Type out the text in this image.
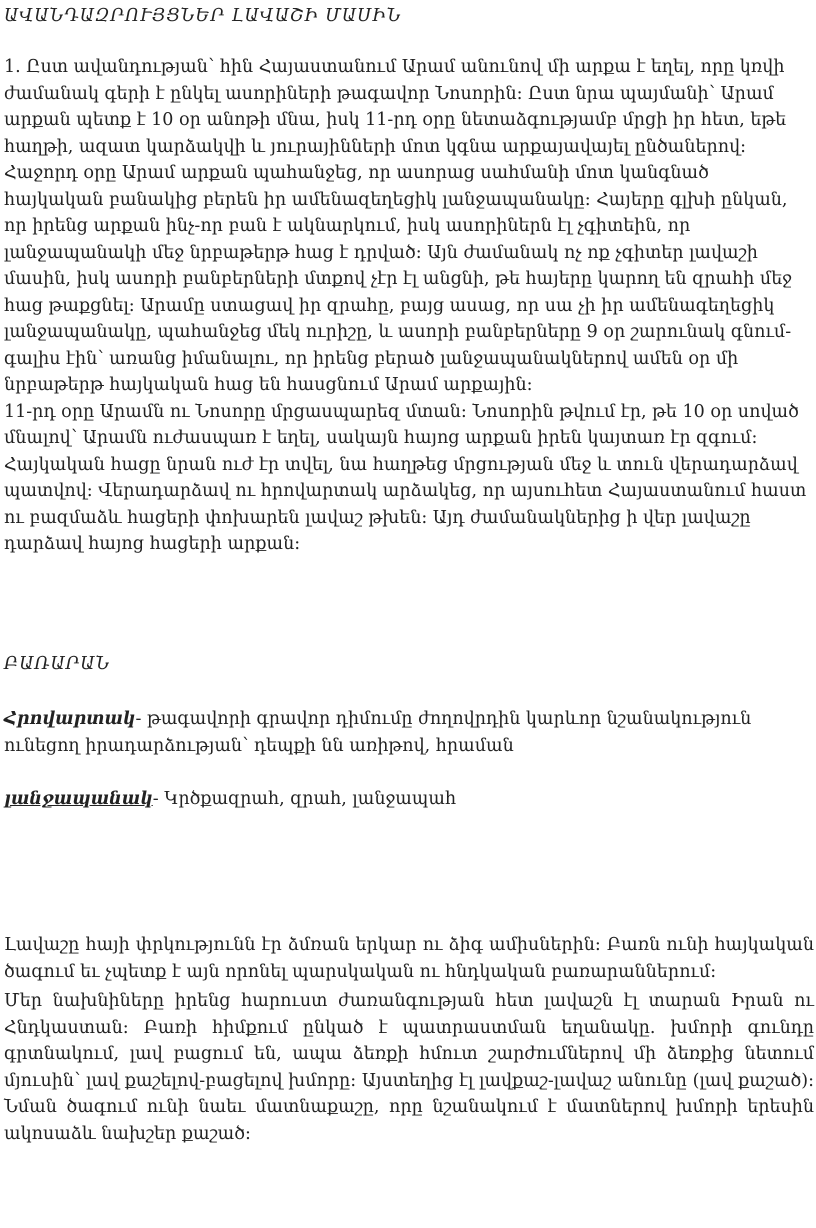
ԱՎԱՆԴԱԶՐՈՒՅՑՆԵՐ ԼԱՎԱՇԻ ՄԱՍԻՆ
1. Ըստ ավանդության՝ հին Հայաստանում Արամ անունով մի արքա է եղել, որը կռվի ժամանակ գերի է ընկել ասորիների թագավոր Նոսորին: Ըստ նրա պայմանի՝ Արամ արքան պետք է 10 օր անոթի մնա, իսկ 11-րդ օրը նետաձգությամբ մրցի իր հետ, եթե հաղթի, ազատ կարձակվի և յուրայինների մոտ կգնա արքայավայել ընծաներով: Հաջորդ օրը Արամ արքան պահանջեց, որ ասորաց սահմանի մոտ կանգնած հայկական բանակից բերեն իր ամենազեղեցիկ լանջապանակը: Հայերը գլխի ընկան, որ իրենց արքան ինչ-որ բան է ակնարկում, իսկ ասորիներն էլ չգիտեին, որ լանջապանակի մեջ նրբաթերթ հաց է դրված: Այն ժամանակ ոչ ոք չգիտեր լավաշի մասին, իսկ ասորի բանբերների մտքով չէր էլ անցնի, թե հայերը կարող են զրահի մեջ հաց թաքցնել: Արամը ստացավ իր զրահը, բայց ասաց, որ սա չի իր ամենագեղեցիկ լանջապանակը, պահանջեց մեկ ուրիշը, և ասորի բանբերները 9 օր շարունակ գնում-գալիս էին՝ առանց իմանալու, որ իրենց բերած լանջապանակներով ամեն օր մի նրբաթերթ հայկական հաց են հասցնում Արամ արքային:
11-րդ օրը Արամն ու Նոսորը մրցասպարեզ մտան: Նոսորին թվում էր, թե 10 օր սոված մնալով՝ Արամն ուժասպառ է եղել, սակայն հայոց արքան իրեն կայտառ էր զգում: Հայկական հացը նրան ուժ էր տվել, նա հաղթեց մրցության մեջ և տուն վերադարձավ պատվով: Վերադարձավ ու հրովարտակ արձակեց, որ այսուհետ Հայաստանում հաստ ու բազմաձև հացերի փոխարեն լավաշ թխեն: Այդ ժամանակներից ի վեր լավաշը դարձավ հայոց հացերի արքան:
ԲԱՌԱՐԱՆ

Հրովարտակ- թագավորի գրավոր դիմումը ժողովրդին կարևոր նշանակություն ունեցող իրադարձության՝ դեպքի նն առիթով, հրաման

լանջապանակ- Կրծքազրահ, զրահ, լանջապահ

Լավաշը հայի փրկությունն էր ձմռան երկար ու ձիգ ամիսներին: Բառն ունի հայկական ծագում եւ չպետք է այն որոնել պարսկական ու հնդկական բառարաններում:

Մեր նախնիները իրենց հարուստ ժառանգության հետ լավաշն էլ տարան Իրան ու Հնդկաստան: Բառի հիմքում ընկած է պատրաստման եղանակը. խմորի գունդը գրտնակում, լավ բացում են, ապա ձեռքի հմուտ շարժումներով մի ձեռքից նետում մյուսին՝ լավ քաշելով-բացելով խմորը: Այստեղից էլ լավքաշ-լավաշ անունը (լավ քաշած): Նման ծագում ունի նաեւ մատնաքաշը, որը նշանակում է մատներով խմորի երեսին ակոսաձև նախշեր քաշած:
